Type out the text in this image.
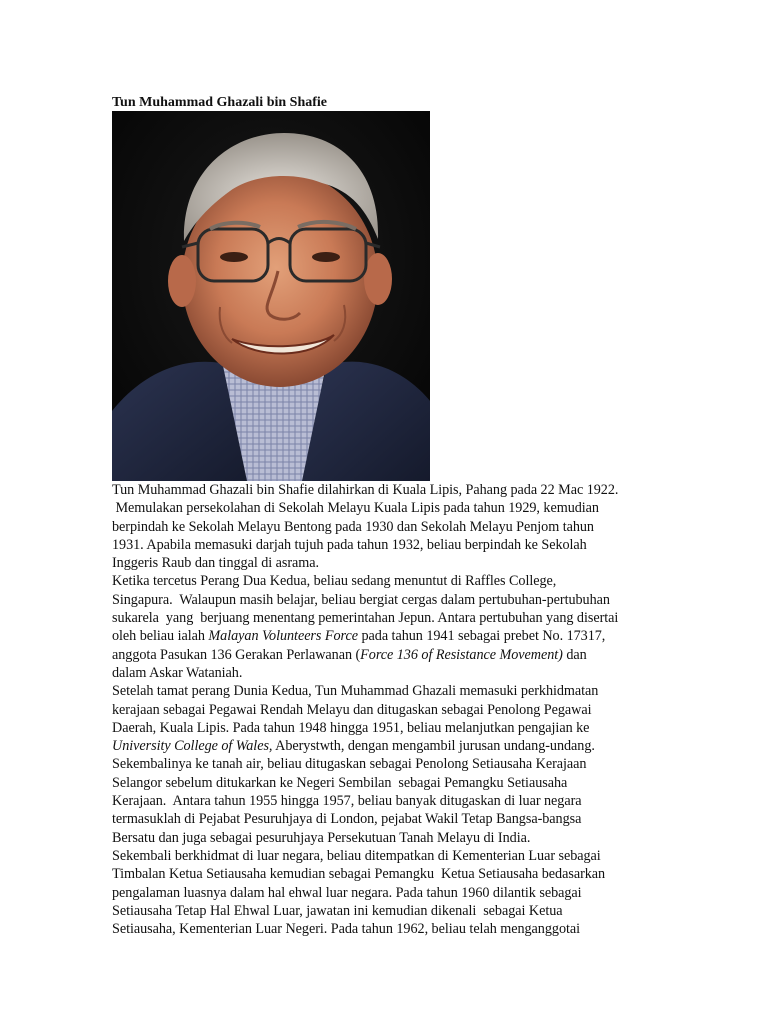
Tun Muhammad Ghazali bin Shafie

Tun Muhammad Ghazali bin Shafie dilahirkan di Kuala Lipis, Pahang pada 22 Mac 1922.
Memulakan persekolahan di Sekolah Melayu Kuala Lipis pada tahun 1929, kemudian
berpindah ke Sekolah Melayu Bentong pada 1930 dan Sekolah Melayu Penjom tahun
1931. Apabila memasuki darjah tujuh pada tahun 1932, beliau berpindah ke Sekolah
Inggeris Raub dan tinggal di asrama.

Ketika tercetus Perang Dua Kedua, beliau sedang menuntut di Raffles College,
Singapura.  Walaupun masih belajar, beliau bergiat cergas dalam pertubuhan-pertubuhan
sukarela  yang  berjuang menentang pemerintahan Jepun. Antara pertubuhan yang disertai
oleh beliau ialah Malayan Volunteers Force pada tahun 1941 sebagai prebet No. 17317,
anggota Pasukan 136 Gerakan Perlawanan (Force 136 of Resistance Movement) dan
dalam Askar Wataniah.

Setelah tamat perang Dunia Kedua, Tun Muhammad Ghazali memasuki perkhidmatan
kerajaan sebagai Pegawai Rendah Melayu dan ditugaskan sebagai Penolong Pegawai
Daerah, Kuala Lipis. Pada tahun 1948 hingga 1951, beliau melanjutkan pengajian ke
University College of Wales, Aberystwth, dengan mengambil jurusan undang-undang.
Sekembalinya ke tanah air, beliau ditugaskan sebagai Penolong Setiausaha Kerajaan
Selangor sebelum ditukarkan ke Negeri Sembilan  sebagai Pemangku Setiausaha
Kerajaan.  Antara tahun 1955 hingga 1957, beliau banyak ditugaskan di luar negara
termasuklah di Pejabat Pesuruhjaya di London, pejabat Wakil Tetap Bangsa-bangsa
Bersatu dan juga sebagai pesuruhjaya Persekutuan Tanah Melayu di India.

Sekembali berkhidmat di luar negara, beliau ditempatkan di Kementerian Luar sebagai
Timbalan Ketua Setiausaha kemudian sebagai Pemangku  Ketua Setiausaha bedasarkan
pengalaman luasnya dalam hal ehwal luar negara. Pada tahun 1960 dilantik sebagai
Setiausaha Tetap Hal Ehwal Luar, jawatan ini kemudian dikenali  sebagai Ketua
Setiausaha, Kementerian Luar Negeri. Pada tahun 1962, beliau telah menganggotai
